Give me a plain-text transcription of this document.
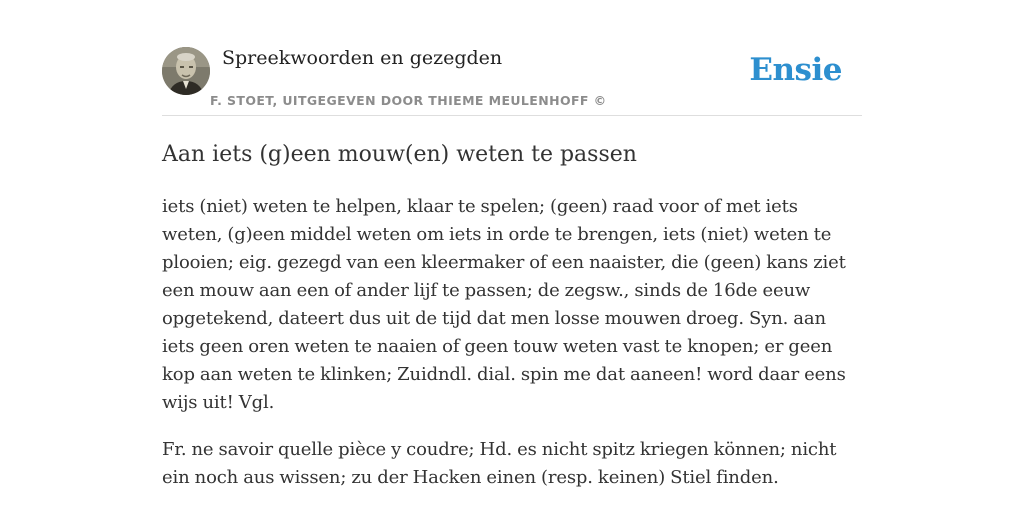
Spreekwoorden en gezegden
F. STOET, UITGEGEVEN DOOR THIEME MEULENHOFF ©
Ensie
Aan iets (g)een mouw(en) weten te passen

iets (niet) weten te helpen, klaar te spelen; (geen) raad voor of met iets weten, (g)een middel weten om iets in orde te brengen, iets (niet) weten te plooien; eig. gezegd van een kleermaker of een naaister, die (geen) kans ziet een mouw aan een of ander lijf te passen; de zegsw., sinds de 16de eeuw opgetekend, dateert dus uit de tijd dat men losse mouwen droeg. Syn. aan iets geen oren weten te naaien of geen touw weten vast te knopen; er geen kop aan weten te klinken; Zuidndl. dial. spin me dat aaneen! word daar eens wijs uit! Vgl.

Fr. ne savoir quelle pièce y coudre; Hd. es nicht spitz kriegen können; nicht ein noch aus wissen; zu der Hacken einen (resp. keinen) Stiel finden.
